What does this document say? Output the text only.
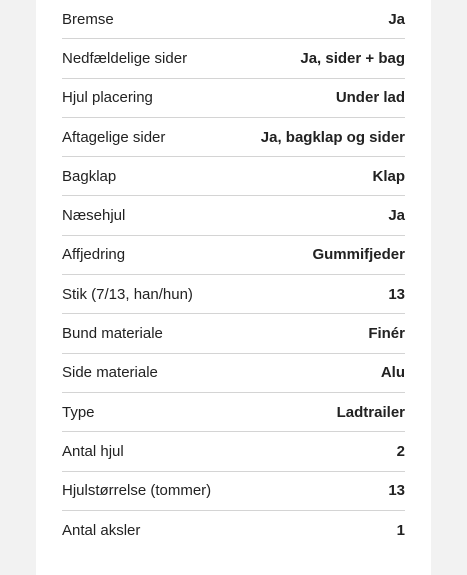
Bremse	Ja
Nedfældelige sider	Ja, sider + bag
Hjul placering	Under lad
Aftagelige sider	Ja, bagklap og sider
Bagklap	Klap
Næsehjul	Ja
Affjedring	Gummifjeder
Stik (7/13, han/hun)	13
Bund materiale	Finér
Side materiale	Alu
Type	Ladtrailer
Antal hjul	2
Hjulstørrelse (tommer)	13
Antal aksler	1
